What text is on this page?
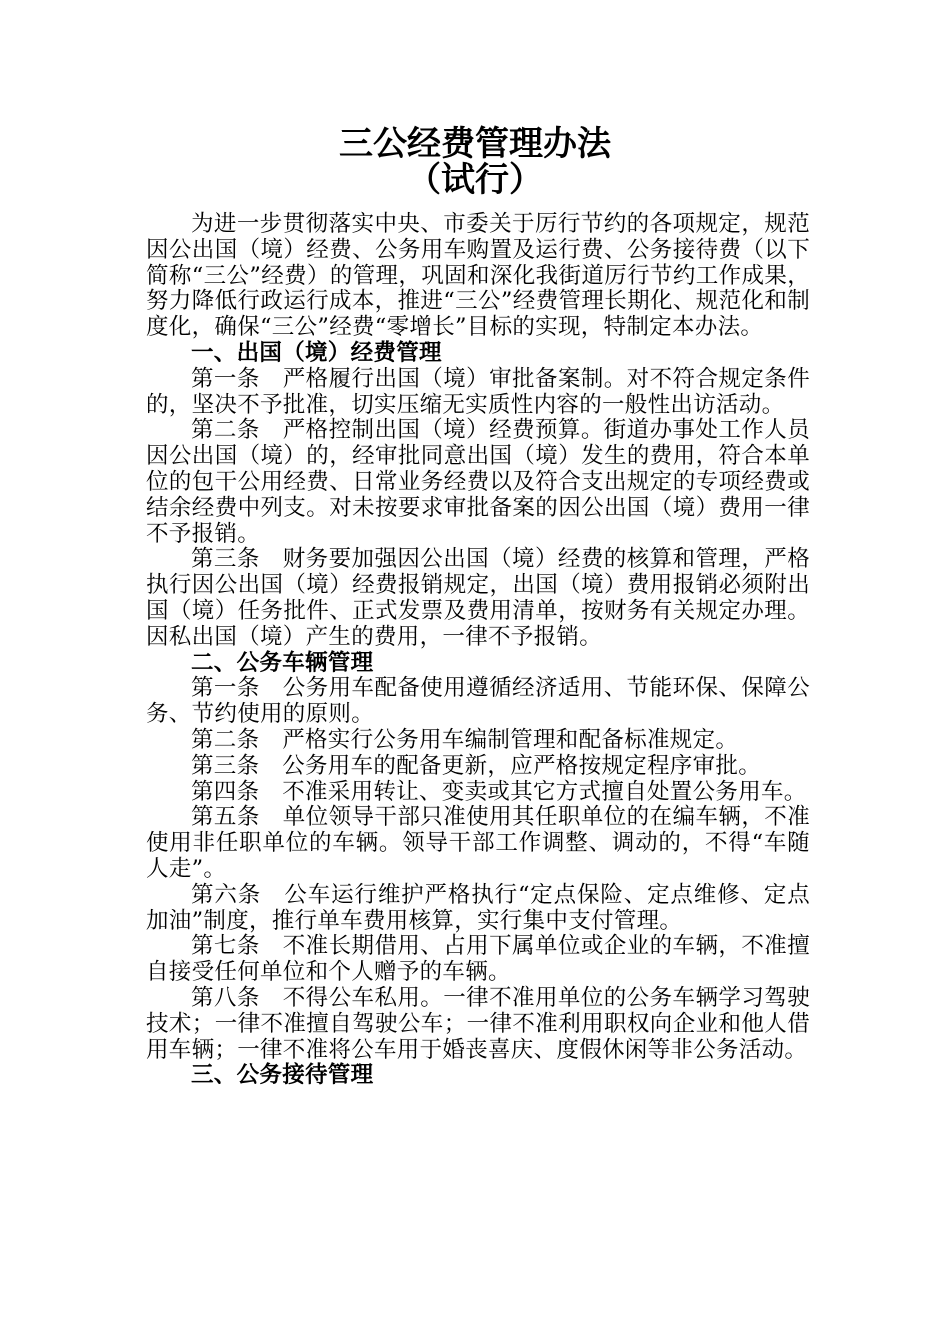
三公经费管理办法
（试行）

为进一步贯彻落实中央、市委关于厉行节约的各项规定，规范因公出国（境）经费、公务用车购置及运行费、公务接待费（以下简称“三公”经费）的管理，巩固和深化我街道厉行节约工作成果，努力降低行政运行成本，推进“三公”经费管理长期化、规范化和制度化，确保“三公”经费“零增长”目标的实现，特制定本办法。

一、出国（境）经费管理

第一条　严格履行出国（境）审批备案制。对不符合规定条件的，坚决不予批准，切实压缩无实质性内容的一般性出访活动。

第二条　严格控制出国（境）经费预算。街道办事处工作人员因公出国（境）的，经审批同意出国（境）发生的费用，符合本单位的包干公用经费、日常业务经费以及符合支出规定的专项经费或结余经费中列支。对未按要求审批备案的因公出国（境）费用一律不予报销。

第三条　财务要加强因公出国（境）经费的核算和管理，严格执行因公出国（境）经费报销规定，出国（境）费用报销必须附出国（境）任务批件、正式发票及费用清单，按财务有关规定办理。因私出国（境）产生的费用，一律不予报销。

二、公务车辆管理

第一条　公务用车配备使用遵循经济适用、节能环保、保障公务、节约使用的原则。

第二条　严格实行公务用车编制管理和配备标准规定。

第三条　公务用车的配备更新，应严格按规定程序审批。

第四条　不准采用转让、变卖或其它方式擅自处置公务用车。

第五条　单位领导干部只准使用其任职单位的在编车辆，不准使用非任职单位的车辆。领导干部工作调整、调动的，不得“车随人走”。

第六条　公车运行维护严格执行“定点保险、定点维修、定点加油”制度，推行单车费用核算，实行集中支付管理。

第七条　不准长期借用、占用下属单位或企业的车辆，不准擅自接受任何单位和个人赠予的车辆。

第八条　不得公车私用。一律不准用单位的公务车辆学习驾驶技术；一律不准擅自驾驶公车；一律不准利用职权向企业和他人借用车辆；一律不准将公车用于婚丧喜庆、度假休闲等非公务活动。

三、公务接待管理
